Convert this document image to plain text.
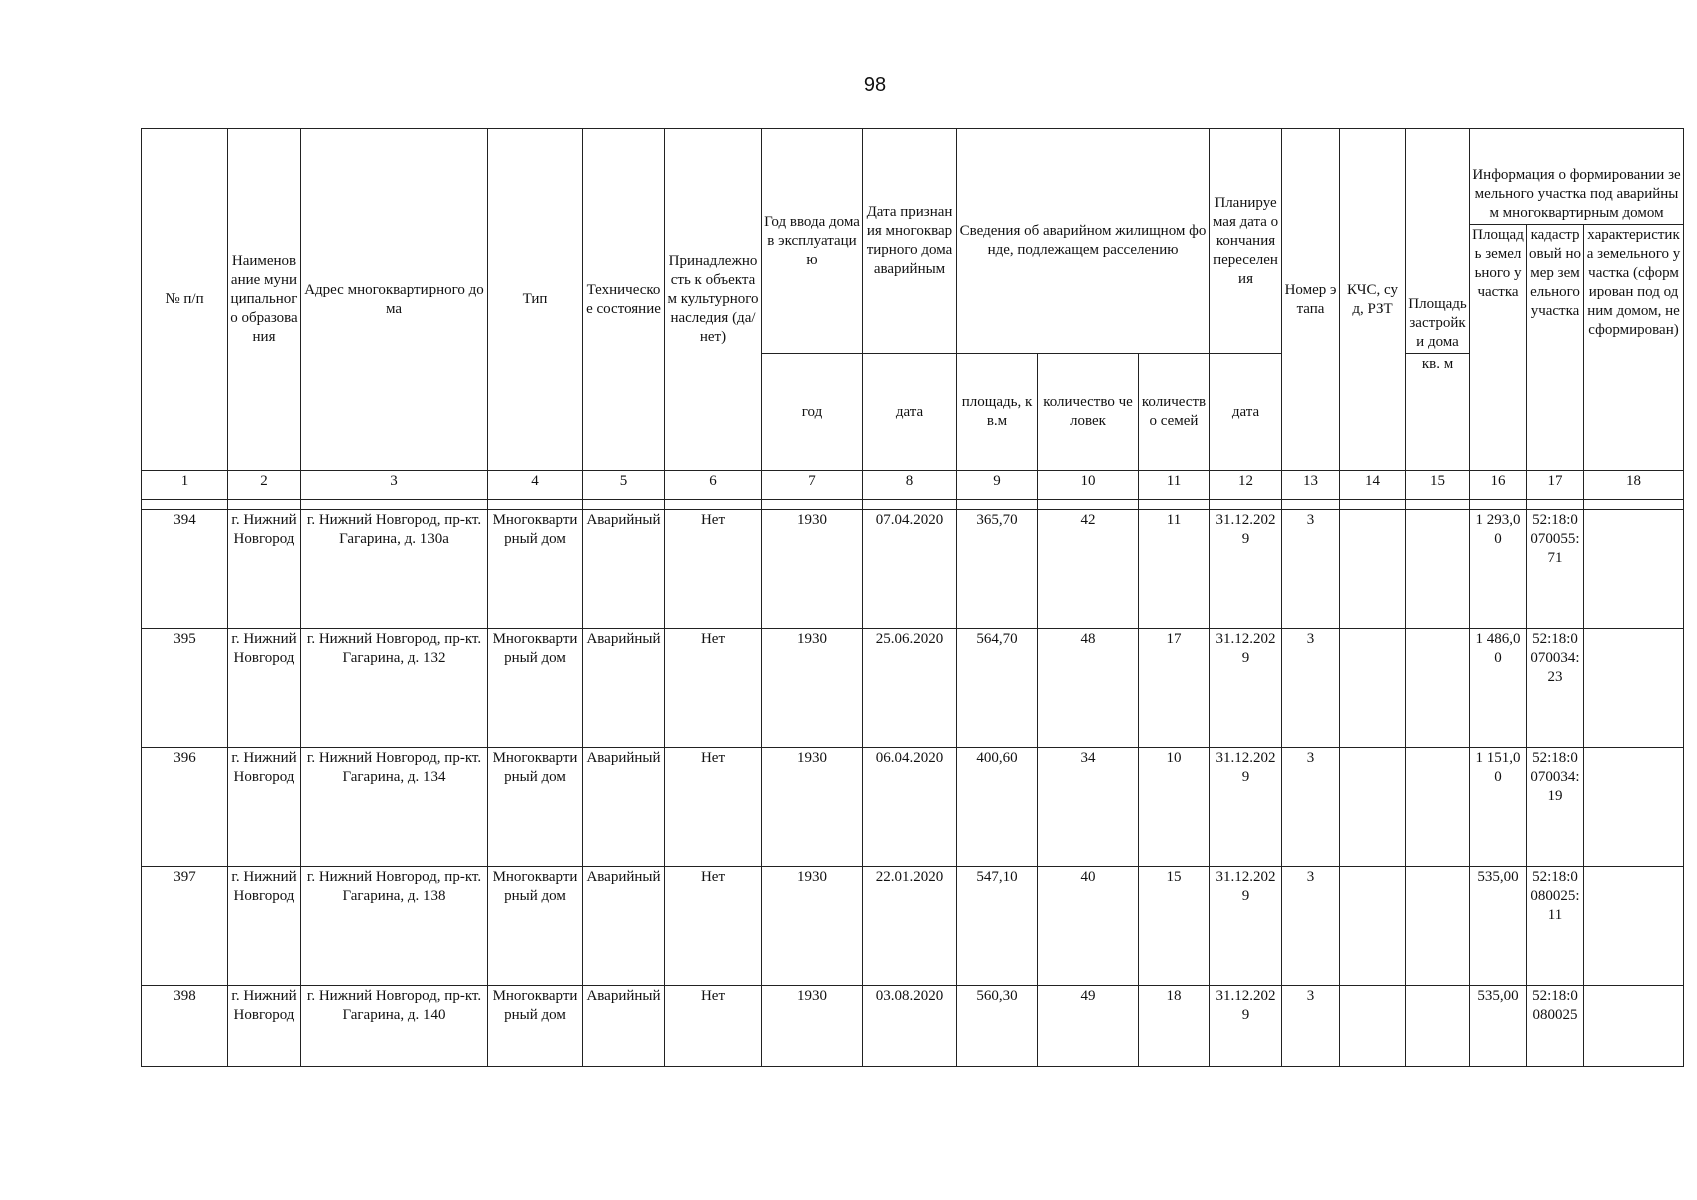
98
№ п/п	Наименование муниципального образования	Адрес многоквартирного дома	Тип	Техническое состояние	Принадлежность к объектам культурного наследия (да/нет)	Год ввода дома в эксплуатацию	Дата признания многоквартирного дома аварийным	Сведения об аварийном жилищном фонде, подлежащем расселению			Планируемая дата окончания переселения	Номер этапа	КЧС, суд, РЗТ	Площадь застройки дома	Информация о формировании земельного участка под аварийным многоквартирным домом		
															Площадь земельного участка	кадастровый номер земельного участка	характеристика земельного участка (сформирован под одним домом, не сформирован)
						год	дата	площадь, кв.м	количество человек	количество семей	дата			кв. м			
1	2	3	4	5	6	7	8	9	10	11	12	13	14	15	16	17	18

394	г. Нижний Новгород	г. Нижний Новгород, пр-кт. Гагарина, д. 130а	Многоквартирный дом	Аварийный	Нет	1930	07.04.2020	365,70	42	11	31.12.2029	3			1 293,00	52:18:0070055:71	
395	г. Нижний Новгород	г. Нижний Новгород, пр-кт. Гагарина, д. 132	Многоквартирный дом	Аварийный	Нет	1930	25.06.2020	564,70	48	17	31.12.2029	3			1 486,00	52:18:0070034:23	
396	г. Нижний Новгород	г. Нижний Новгород, пр-кт. Гагарина, д. 134	Многоквартирный дом	Аварийный	Нет	1930	06.04.2020	400,60	34	10	31.12.2029	3			1 151,00	52:18:0070034:19	
397	г. Нижний Новгород	г. Нижний Новгород, пр-кт. Гагарина, д. 138	Многоквартирный дом	Аварийный	Нет	1930	22.01.2020	547,10	40	15	31.12.2029	3			535,00	52:18:0080025:11	
398	г. Нижний Новгород	г. Нижний Новгород, пр-кт. Гагарина, д. 140	Многоквартирный дом	Аварийный	Нет	1930	03.08.2020	560,30	49	18	31.12.2029	3			535,00	52:18:0080025	
